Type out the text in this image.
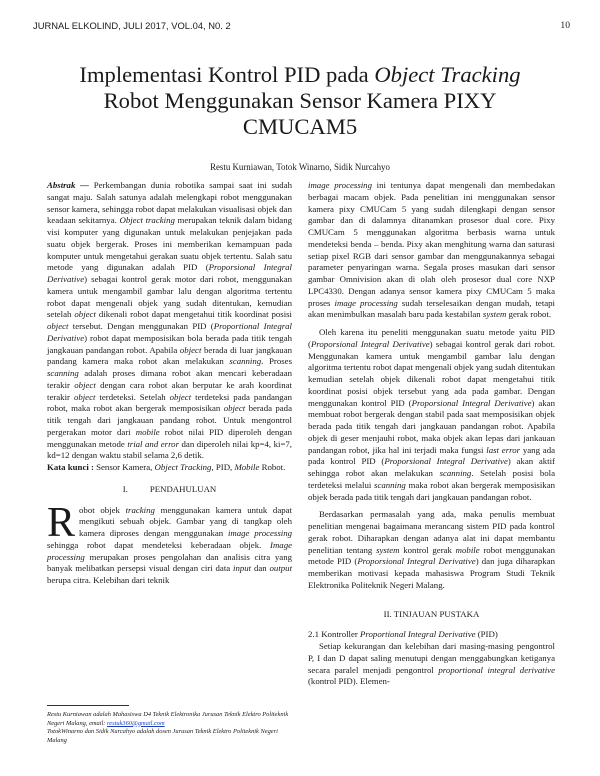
JURNAL ELKOLIND, JULI 2017, VOL.04, N0. 2	10
Implementasi Kontrol PID pada Object Tracking
Robot Menggunakan Sensor Kamera PIXY
CMUCAM5
Restu Kurniawan, Totok Winarno, Sidik Nurcahyo

Abstrak — Perkembangan dunia robotika sampai saat ini sudah sangat maju. Salah satunya adalah melengkapi robot menggunakan sensor kamera, sehingga robot dapat melakukan visualisasi objek dan keadaan sekitarnya. Object tracking merupakan teknik dalam bidang visi komputer yang digunakan untuk melakukan penjejakan pada suatu objek bergerak. Proses ini memberikan kemampuan pada komputer untuk mengetahui gerakan suatu objek tertentu. Salah satu metode yang digunakan adalah PID (Proporsional Integral Derivative) sebagai kontrol gerak motor dari robot, menggunakan kamera untuk mengambil gambar lalu dengan algoritma tertentu robot dapat mengenali objek yang sudah ditentukan, kemudian setelah object dikenali robot dapat mengetahui titik koordinat posisi object tersebut. Dengan menggunakan PID (Proportional Integral Derivative) robot dapat memposisikan bola berada pada titik tengah jangkauan pandangan robot. Apabila object berada di luar jangkauan pandang kamera maka robot akan melakukan scanning. Proses scanning adalah proses dimana robot akan mencari keberadaan terakir object dengan cara robot akan berputar ke arah koordinat terakir object terdeteksi. Setelah object terdeteksi pada pandangan robot, maka robot akan bergerak memposisikan object berada pada titik tengah dari jangkauan pandang robot. Untuk mengontrol pergerakan motor dari mobile robot nilai PID diperoleh dengan menggunakan metode trial and error dan diperoleh nilai kp=4, ki=7, kd=12 dengan waktu stabil selama 2,6 detik.

Kata kunci : Sensor Kamera, Object Tracking, PID, Mobile Robot.

I.          PENDAHULUAN

Robot objek tracking menggunakan kamera untuk dapat mengikuti sebuah objek. Gambar yang di tangkap oleh kamera diproses dengan menggunakan image processing sehingga robot dapat mendeteksi keberadaan objek. Image processing merupakan proses pengolahan dan analisis citra yang banyak melibatkan persepsi visual dengan ciri data input dan output berupa citra. Kelebihan dari teknik

Restu Kurniawan adalah Mahasiswa D4 Teknik Elektronika Jurusan Teknik Elektro Politeknik Negeri Malang, email: restuk360@gmail.com
TotokWinarno dan Sidik Nurcahyo adalah dosen Jurusan Teknik Elektro Politeknik Negeri Malang

image processing ini tentunya dapat mengenali dan membedakan berbagai macam objek. Pada penelitian ini menggunakan sensor kamera pixy CMUCam 5 yang sudah dilengkapi dengan sensor gambar dan di dalamnya ditanamkan prosesor dual core. Pixy CMUCam 5 menggunakan algoritma berbasis warna untuk mendeteksi benda – benda. Pixy akan menghitung warna dan saturasi setiap pixel RGB dari sensor gambar dan menggunakannya sebagai parameter penyaringan warna. Segala proses masukan dari sensor gambar Omnivision akan di olah oleh prosesor dual core NXP LPC4330. Dengan adanya sensor kamera pixy CMUCam 5 maka proses image processing sudah terselesaikan dengan mudah, tetapi akan menimbulkan masalah baru pada kestabilan system gerak robot.

Oleh karena itu peneliti menggunakan suatu metode yaitu PID (Proporsional Integral Derivative) sebagai kontrol gerak dari robot. Menggunakan kamera untuk mengambil gambar lalu dengan algoritma tertentu robot dapat mengenali objek yang sudah ditentukan kemudian setelah objek dikenali robot dapat mengetahui titik koordinat posisi objek tersebut yang ada pada gambar. Dengan menggunakan kontrol PID (Proporsional Integral Derivative) akan membuat robot bergerak dengan stabil pada saat memposisikan objek berada pada titik tengah dari jangkauan pandangan robot. Apabila objek di geser menjauhi robot, maka objek akan lepas dari jankauan pandangan robot, jika hal ini terjadi maka fungsi last error yang ada pada kontrol PID (Proporsional Integral Derivative) akan aktif sehingga robot akan melakukan scanning. Setelah posisi bola terdeteksi melalui scanning maka robot akan bergerak memposisikan objek berada pada titik tengah dari jangkauan pandangan robot.

Berdasarkan permasalah yang ada, maka penulis membuat penelitian mengenai bagaimana merancang sistem PID pada kontrol gerak robot. Diharapkan dengan adanya alat ini dapat membantu penelitian tentang system kontrol gerak mobile robot menggunakan metode PID (Proporsional Integral Derivative) dan juga diharapkan memberikan motivasi kepada mahasiswa Program Studi Teknik Elektronika Politeknik Negeri Malang.

II. TINJAUAN PUSTAKA

2.1 Kontroller Proportional Integral Derivative (PID)

Setiap kekurangan dan kelebihan dari masing-masing pengontrol P, I dan D dapat saling menutupi dengan menggabungkan ketiganya secara paralel menjadi pengontrol proportional integral derivative (kontrol PID). Elemen-
